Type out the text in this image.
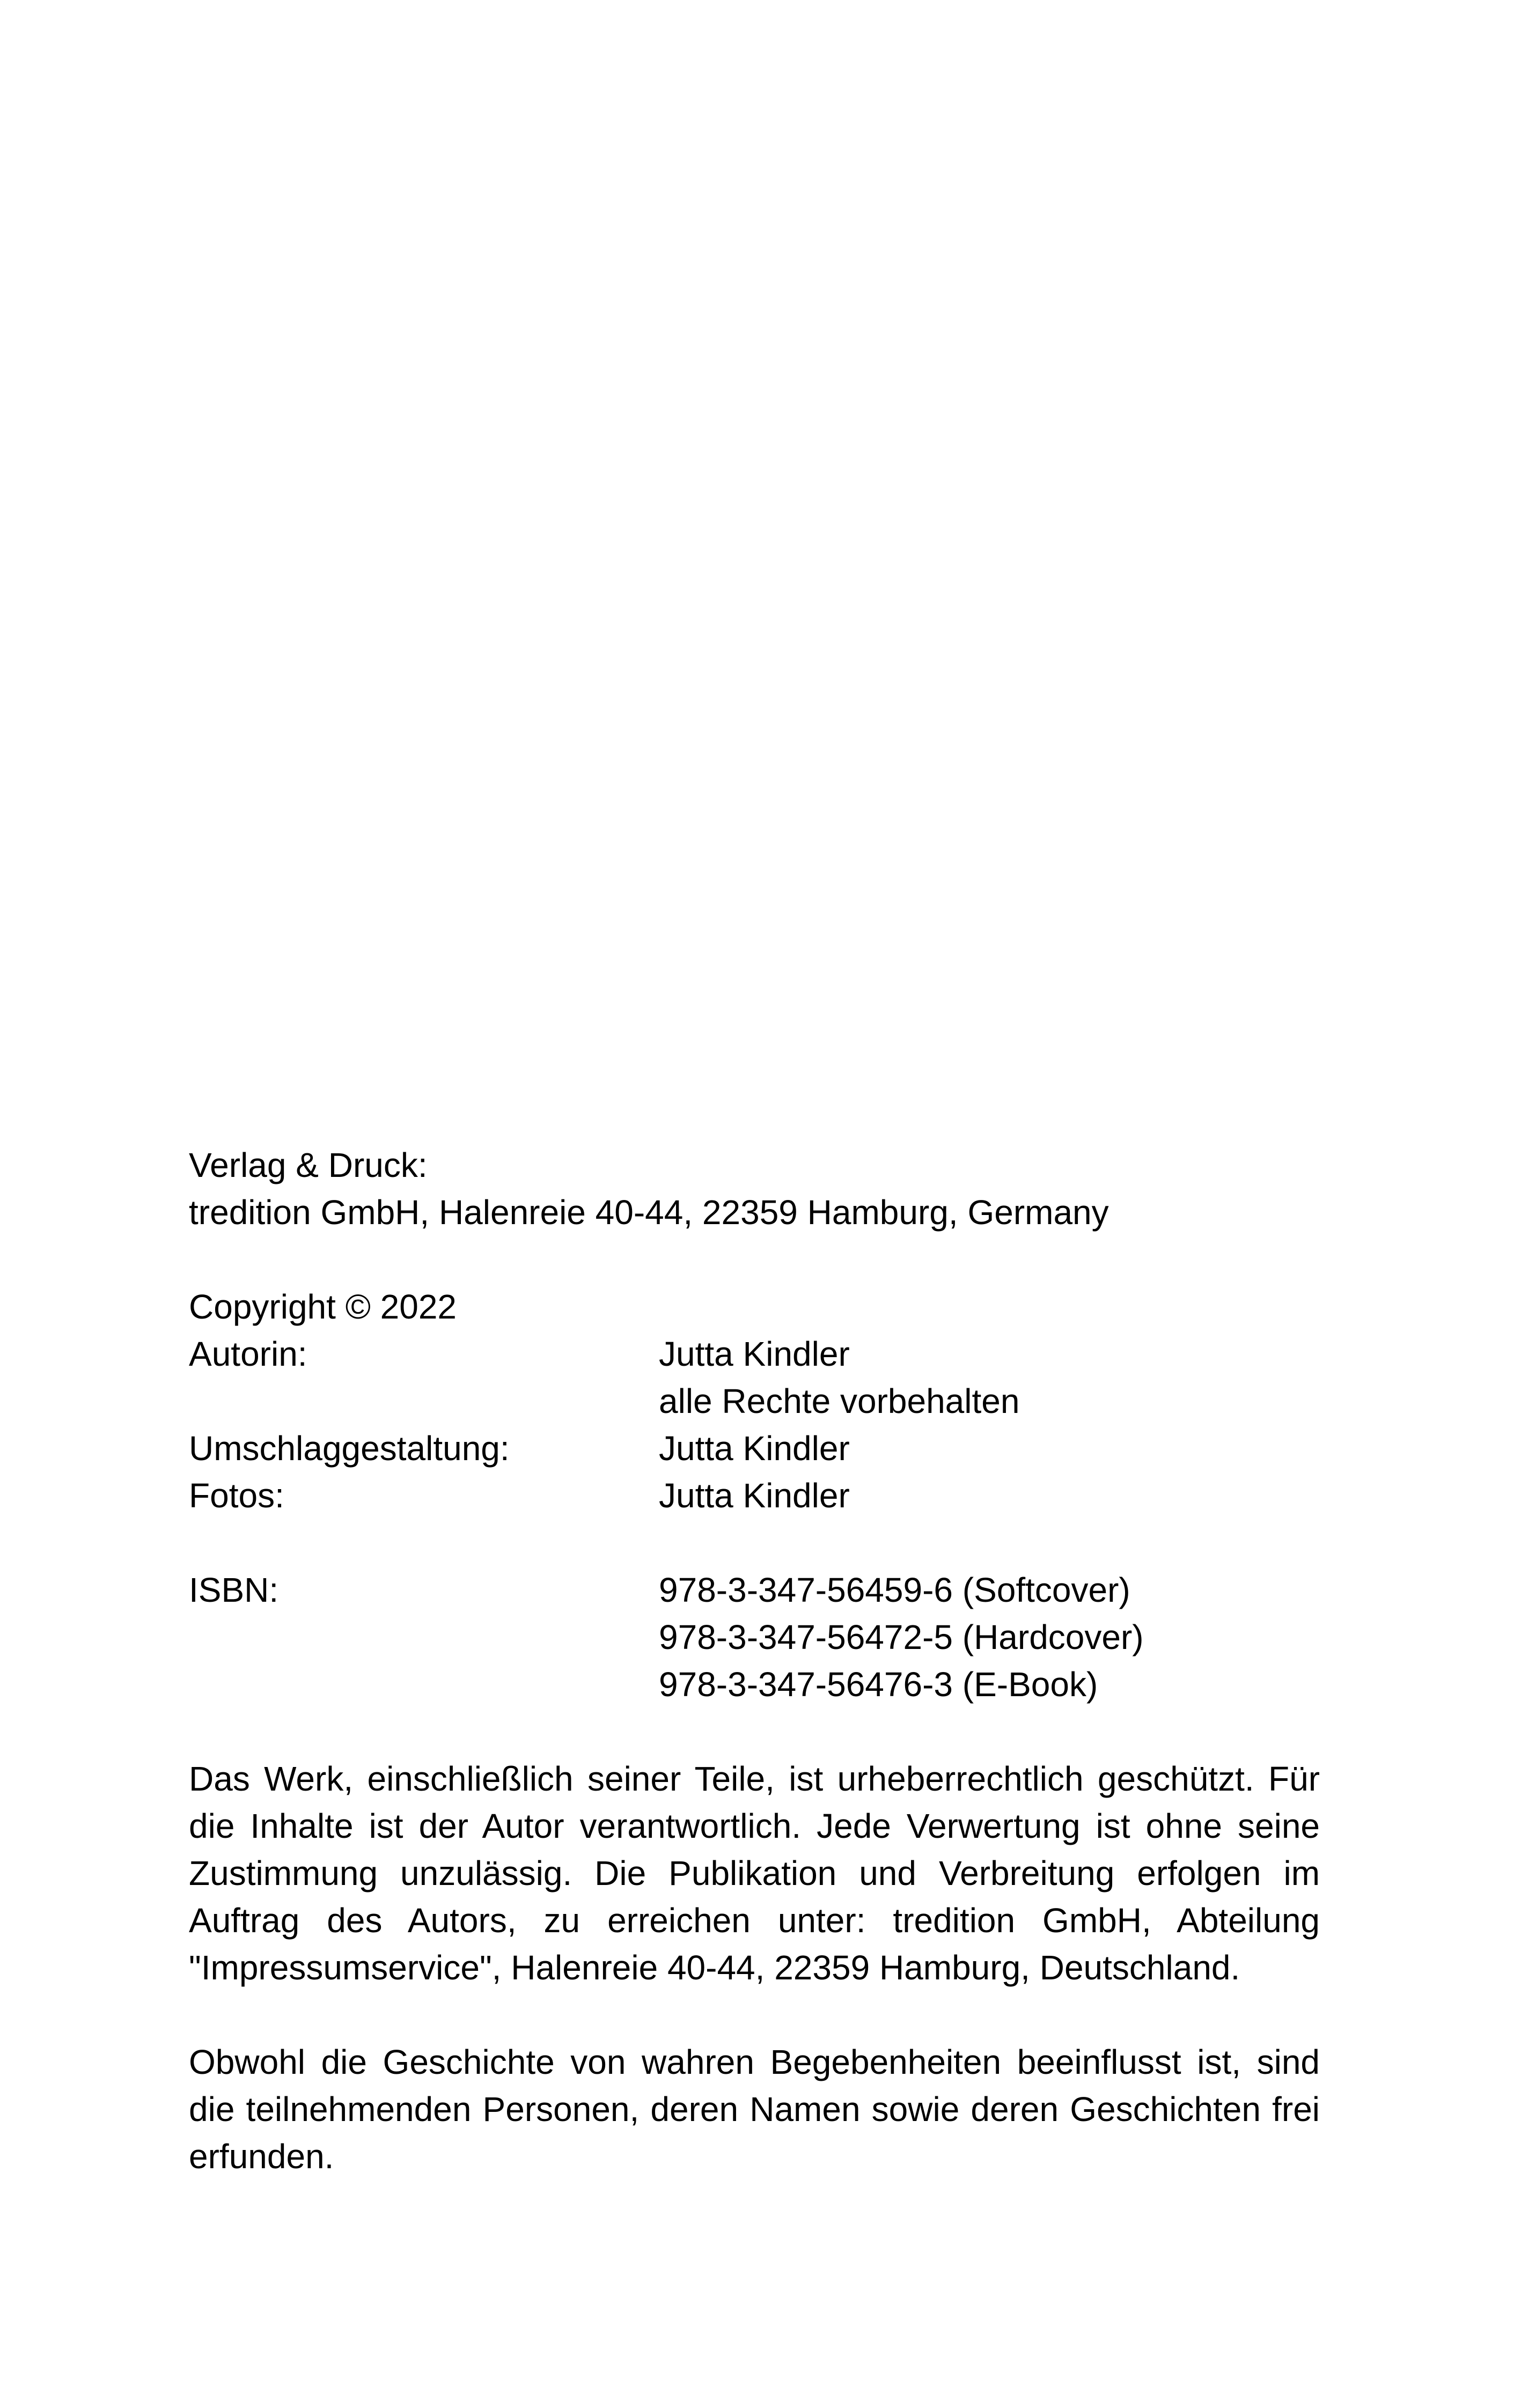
Verlag & Druck:
tredition GmbH, Halenreie 40-44, 22359 Hamburg, Germany
Copyright © 2022
Autorin:	Jutta Kindler
alle Rechte vorbehalten
Umschlaggestaltung:	Jutta Kindler
Fotos:	Jutta Kindler
ISBN:	978-3-347-56459-6 (Softcover)
978-3-347-56472-5 (Hardcover)
978-3-347-56476-3 (E-Book)

Das Werk, einschließlich seiner Teile, ist urheberrechtlich geschützt. Für die Inhalte ist der Autor verantwortlich. Jede Verwertung ist ohne seine Zustimmung unzulässig. Die Publikation und Verbreitung erfolgen im Auftrag des Autors, zu erreichen unter: tredition GmbH, Abteilung "Impressumservice", Halenreie 40-44, 22359 Hamburg, Deutschland.

Obwohl die Geschichte von wahren Begebenheiten beeinflusst ist, sind die teilnehmenden Personen, deren Namen sowie deren Geschichten frei erfunden.
